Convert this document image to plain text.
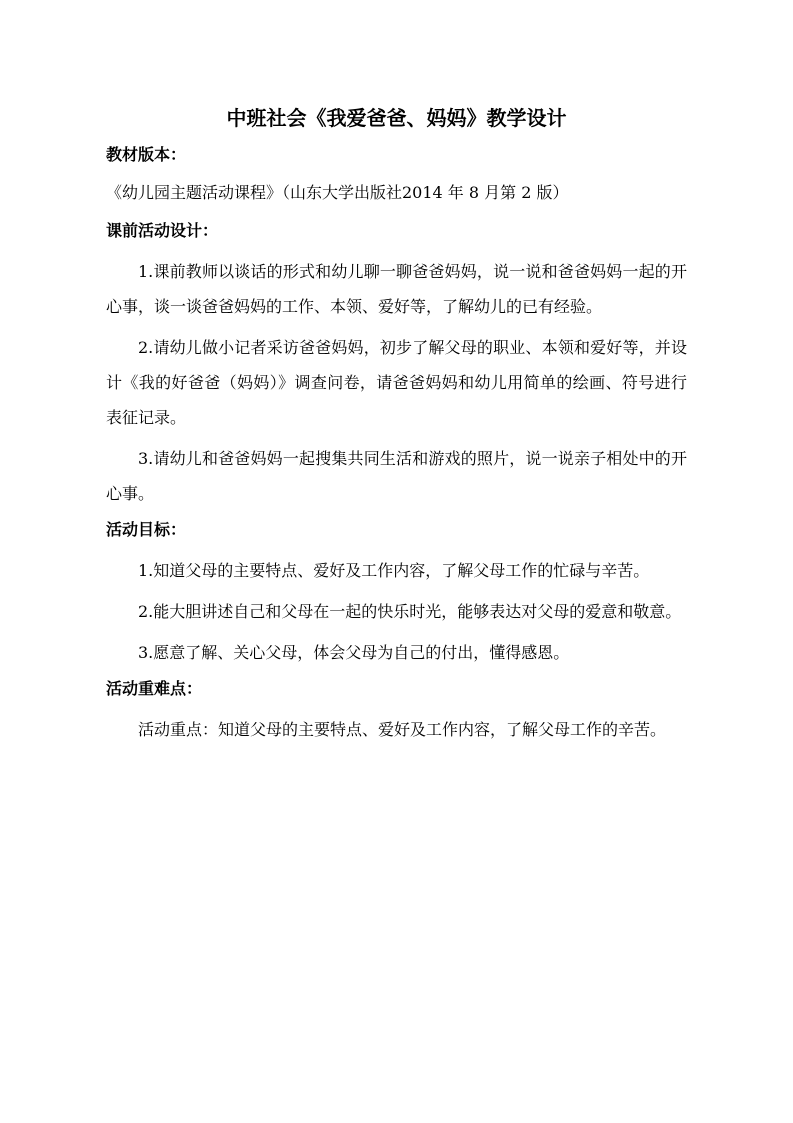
中班社会《我爱爸爸、妈妈》教学设计
教材版本：
《幼儿园主题活动课程》（山东大学出版社2014 年 8 月第 2 版）
课前活动设计：
1.课前教师以谈话的形式和幼儿聊一聊爸爸妈妈，说一说和爸爸妈妈一起的开心事，谈一谈爸爸妈妈的工作、本领、爱好等，了解幼儿的已有经验。
2.请幼儿做小记者采访爸爸妈妈，初步了解父母的职业、本领和爱好等，并设计《我的好爸爸（妈妈）》调查问卷，请爸爸妈妈和幼儿用简单的绘画、符号进行表征记录。
3.请幼儿和爸爸妈妈一起搜集共同生活和游戏的照片，说一说亲子相处中的开心事。
活动目标：
1.知道父母的主要特点、爱好及工作内容，了解父母工作的忙碌与辛苦。
2.能大胆讲述自己和父母在一起的快乐时光，能够表达对父母的爱意和敬意。
3.愿意了解、关心父母，体会父母为自己的付出，懂得感恩。
活动重难点：
活动重点：知道父母的主要特点、爱好及工作内容，了解父母工作的辛苦。
